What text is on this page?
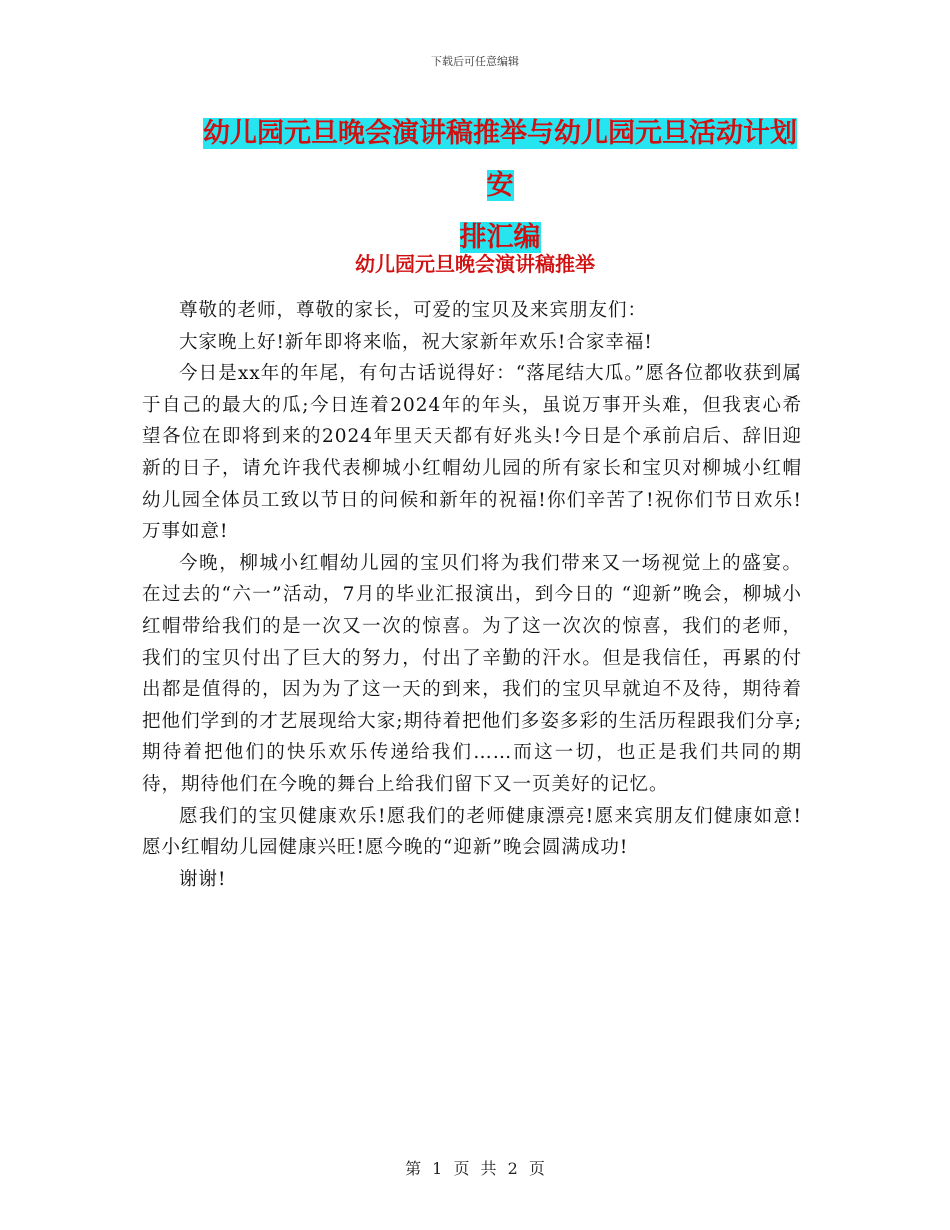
下载后可任意编辑
幼儿园元旦晚会演讲稿推举与幼儿园元旦活动计划安
排汇编
幼儿园元旦晚会演讲稿推举

尊敬的老师，尊敬的家长，可爱的宝贝及来宾朋友们：

大家晚上好!新年即将来临，祝大家新年欢乐!合家幸福!

今日是xx年的年尾，有句古话说得好：“落尾结大瓜。”愿各位都收获到属于自己的最大的瓜;今日连着2024年的年头，虽说万事开头难，但我衷心希望各位在即将到来的2024年里天天都有好兆头!今日是个承前启后、辞旧迎新的日子，请允许我代表柳城小红帽幼儿园的所有家长和宝贝对柳城小红帽幼儿园全体员工致以节日的问候和新年的祝福!你们辛苦了!祝你们节日欢乐!万事如意!

今晚，柳城小红帽幼儿园的宝贝们将为我们带来又一场视觉上的盛宴。在过去的“六一”活动，7月的毕业汇报演出，到今日的 “迎新”晚会，柳城小红帽带给我们的是一次又一次的惊喜。为了这一次次的惊喜，我们的老师，我们的宝贝付出了巨大的努力，付出了辛勤的汗水。但是我信任，再累的付出都是值得的，因为为了这一天的到来，我们的宝贝早就迫不及待，期待着把他们学到的才艺展现给大家;期待着把他们多姿多彩的生活历程跟我们分享;期待着把他们的快乐欢乐传递给我们……而这一切，也正是我们共同的期待，期待他们在今晚的舞台上给我们留下又一页美好的记忆。

愿我们的宝贝健康欢乐!愿我们的老师健康漂亮!愿来宾朋友们健康如意!愿小红帽幼儿园健康兴旺!愿今晚的“迎新”晚会圆满成功!

谢谢!

第 1 页 共 2 页
